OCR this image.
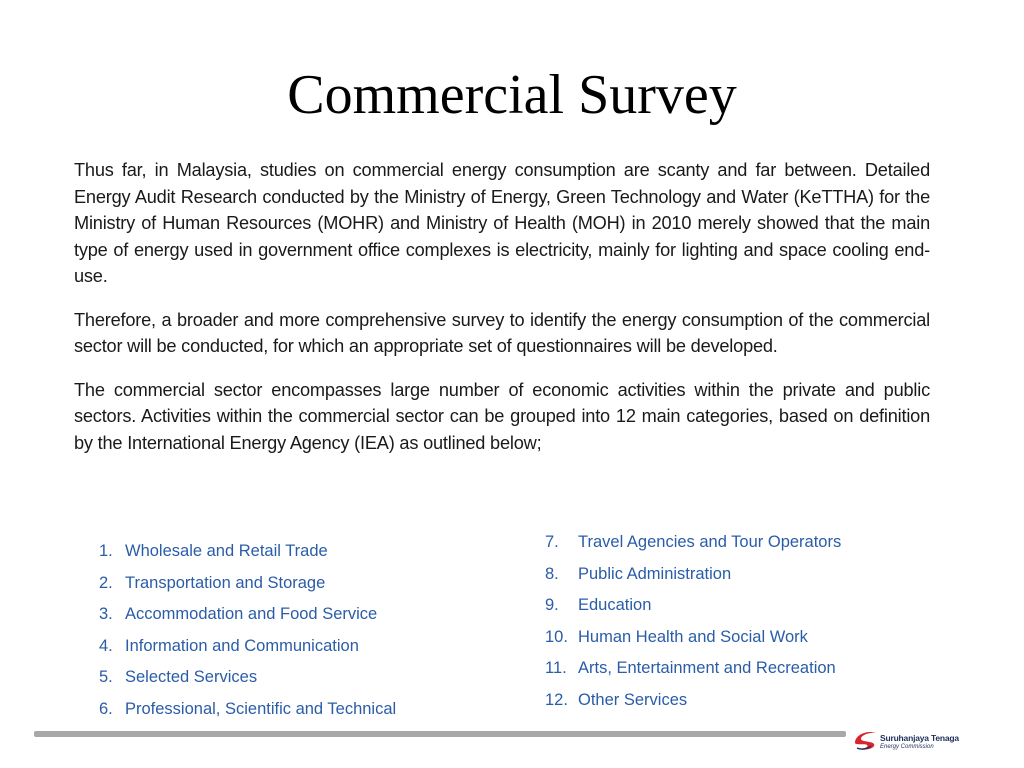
Commercial Survey

Thus far, in Malaysia, studies on commercial energy consumption are scanty and far between. Detailed Energy Audit Research conducted by the Ministry of Energy, Green Technology and Water (KeTTHA) for the Ministry of Human Resources (MOHR) and Ministry of Health (MOH) in 2010 merely showed that the main type of energy used in government office complexes is electricity, mainly for lighting and space cooling end-use.

Therefore, a broader and more comprehensive survey to identify the energy consumption of the commercial sector will be conducted, for which an appropriate set of questionnaires will be developed.

The commercial sector encompasses large number of economic activities within the private and public sectors. Activities within the commercial sector can be grouped into 12 main categories, based on definition by the International Energy Agency (IEA) as outlined below;

1. Wholesale and Retail Trade
2. Transportation and Storage
3. Accommodation and Food Service
4. Information and Communication
5. Selected Services
6. Professional, Scientific and Technical
7.	Travel Agencies and Tour Operators
8.	Public Administration
9.	Education
10. Human Health and Social Work
11. Arts, Entertainment and Recreation
12. Other Services
Suruhanjaya Tenaga
Energy Commission
